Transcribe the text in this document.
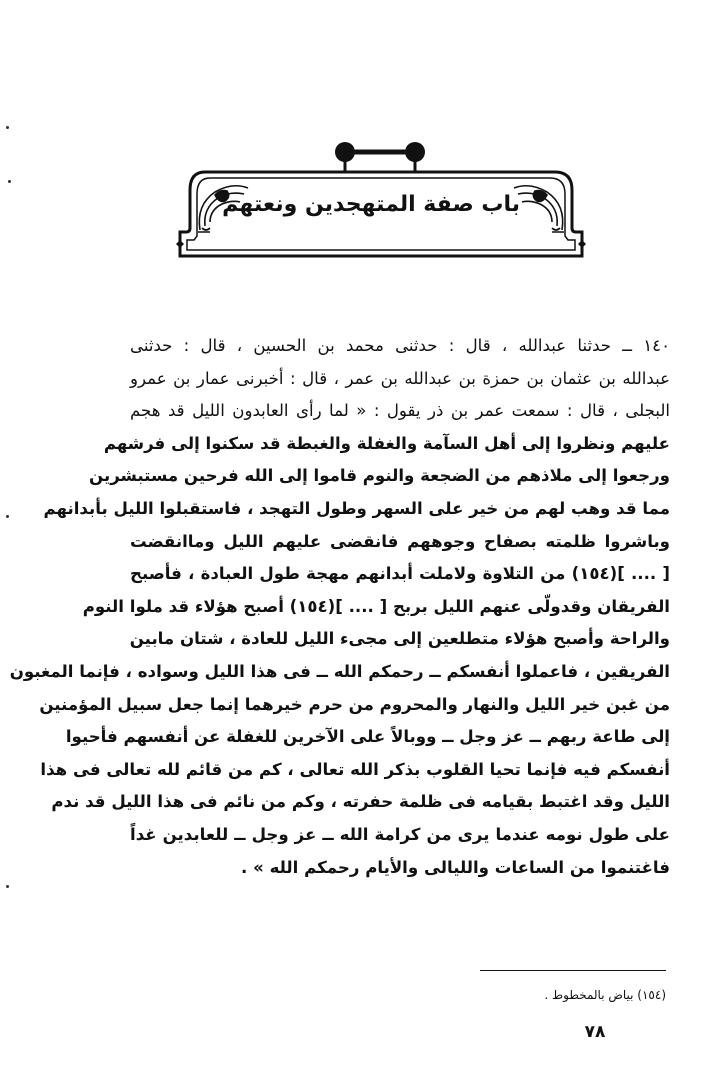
باب صفة المتهجدين ونعتهم
١٤٠ ــ حدثنا عبدالله ، قال : حدثنى محمد بن الحسين ، قال : حدثنى
عبدالله بن عثمان بن حمزة بن عبدالله بن عمر ، قال : أخبرنى عمار بن عمرو
البجلى ، قال : سمعت عمر بن ذر يقول : « لما رأى العابدون الليل قد هجم
عليهم ونظروا إلى أهل السآمة والغفلة والغبطة قد سكنوا إلى فرشهم
ورجعوا إلى ملاذهم من الضجعة والنوم قاموا إلى الله فرحين مستبشرين
مما قد وهب لهم من خير على السهر وطول التهجد ، فاستقبلوا الليل بأبدانهم
وباشروا ظلمته بصفاح وجوههم فانقضى عليهم الليل وماانقضت
[ .... ](١٥٤) من التلاوة ولاملت أبدانهم مهجة طول العبادة ، فأصبح
الفريقان وقدولّى عنهم الليل بربح [ .... ](١٥٤) أصبح هؤلاء قد ملوا النوم
والراحة وأصبح هؤلاء متطلعين إلى مجىء الليل للعادة ، شتان مابين
الفريقين ، فاعملوا أنفسكم ــ رحمكم الله ــ فى هذا الليل وسواده ، فإنما المغبون
من غبن خير الليل والنهار والمحروم من حرم خيرهما إنما جعل سبيل المؤمنين
إلى طاعة ربهم ــ عز وجل ــ ووبالاً على الآخرين للغفلة عن أنفسهم فأحيوا
أنفسكم فيه فإنما تحيا القلوب بذكر الله تعالى ، كم من قائم لله تعالى فى هذا
الليل وقد اغتبط بقيامه فى ظلمة حفرته ، وكم من نائم فى هذا الليل قد ندم
على طول نومه عندما يرى من كرامة الله ــ عز وجل ــ للعابدين غداً
فاغتنموا من الساعات والليالى والأيام رحمكم الله » .
(١٥٤) بياض بالمخطوط .
٧٨
